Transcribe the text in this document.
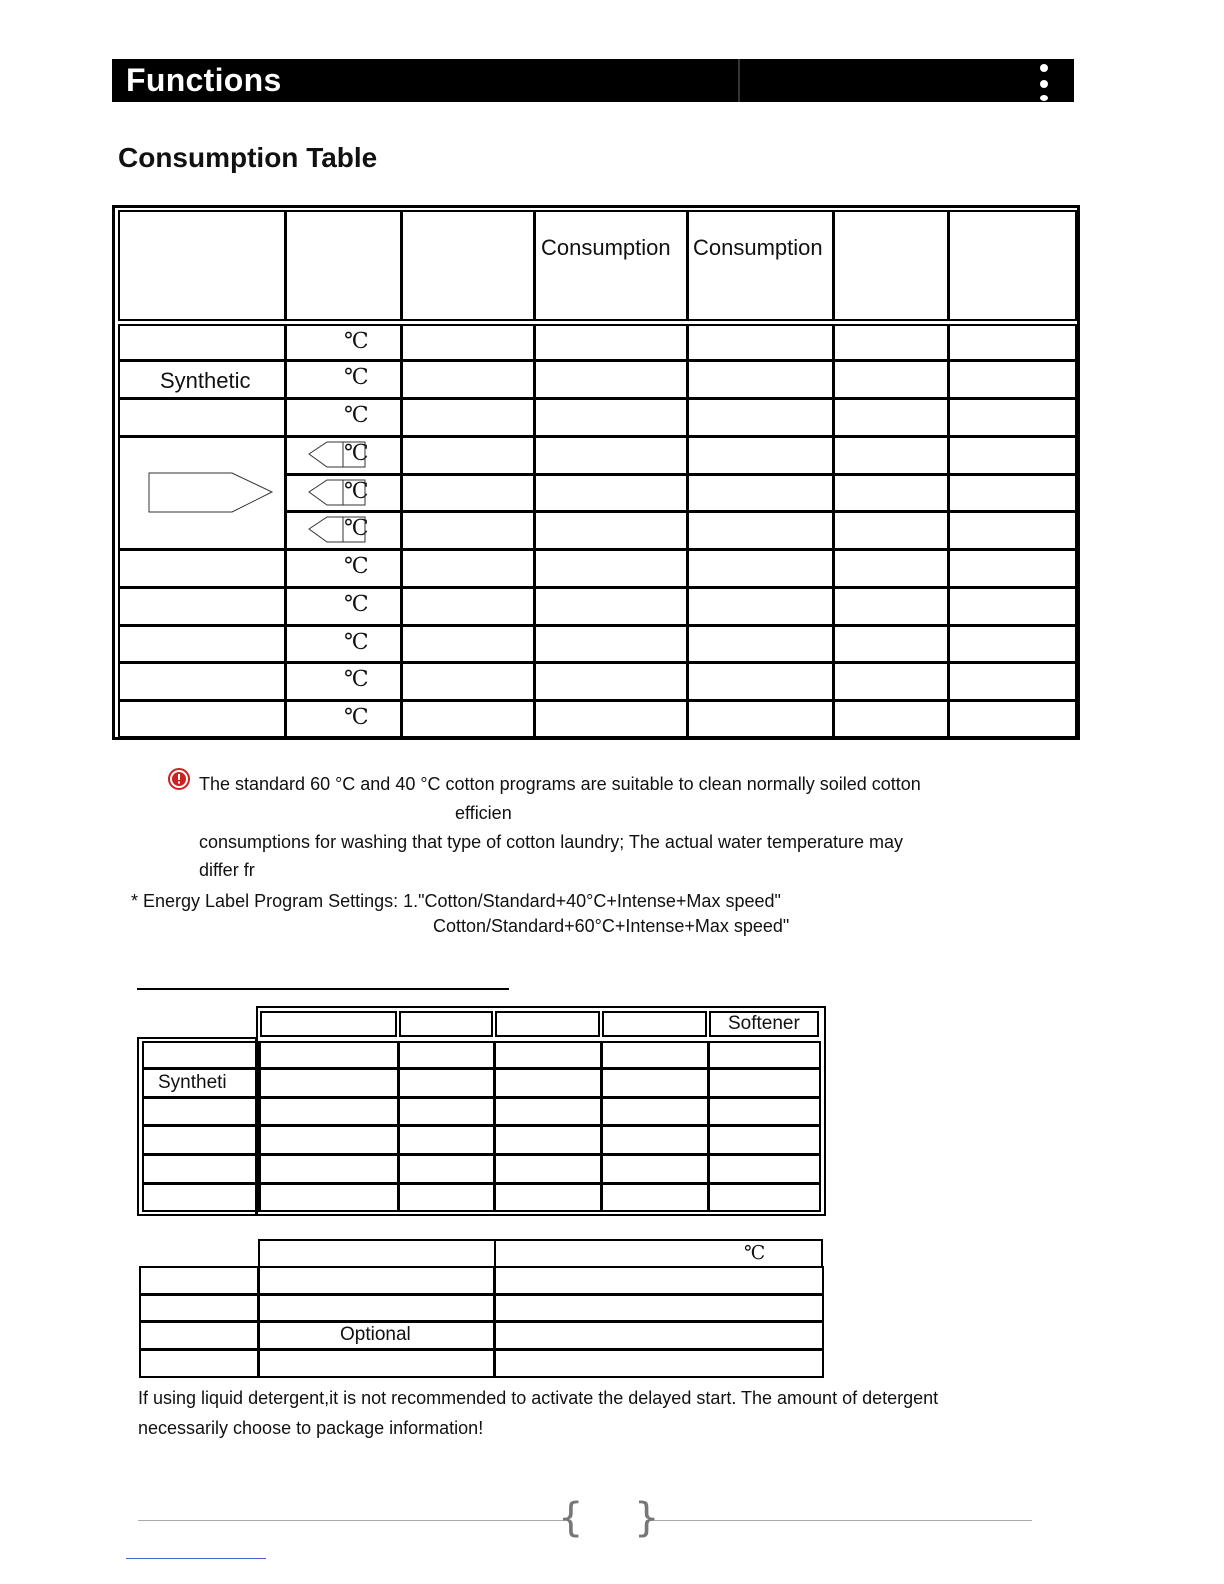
Functions
Consumption Table
Consumption Consumption
Synthetic
℃
℃
℃
℃
℃
℃
℃
℃
℃
℃
℃
The standard 60 °C and 40 °C cotton programs are suitable to clean normally soiled cotton
efficien
consumptions for washing that type of cotton laundry; The actual water temperature may
differ fr
* Energy Label Program Settings: 1."Cotton/Standard+40°C+Intense+Max speed"
Cotton/Standard+60°C+Intense+Max speed"
Softener
Syntheti
℃
Optional
If using liquid detergent,it is not recommended to activate the delayed start. The amount of detergent
necessarily choose to package information!
{ }
